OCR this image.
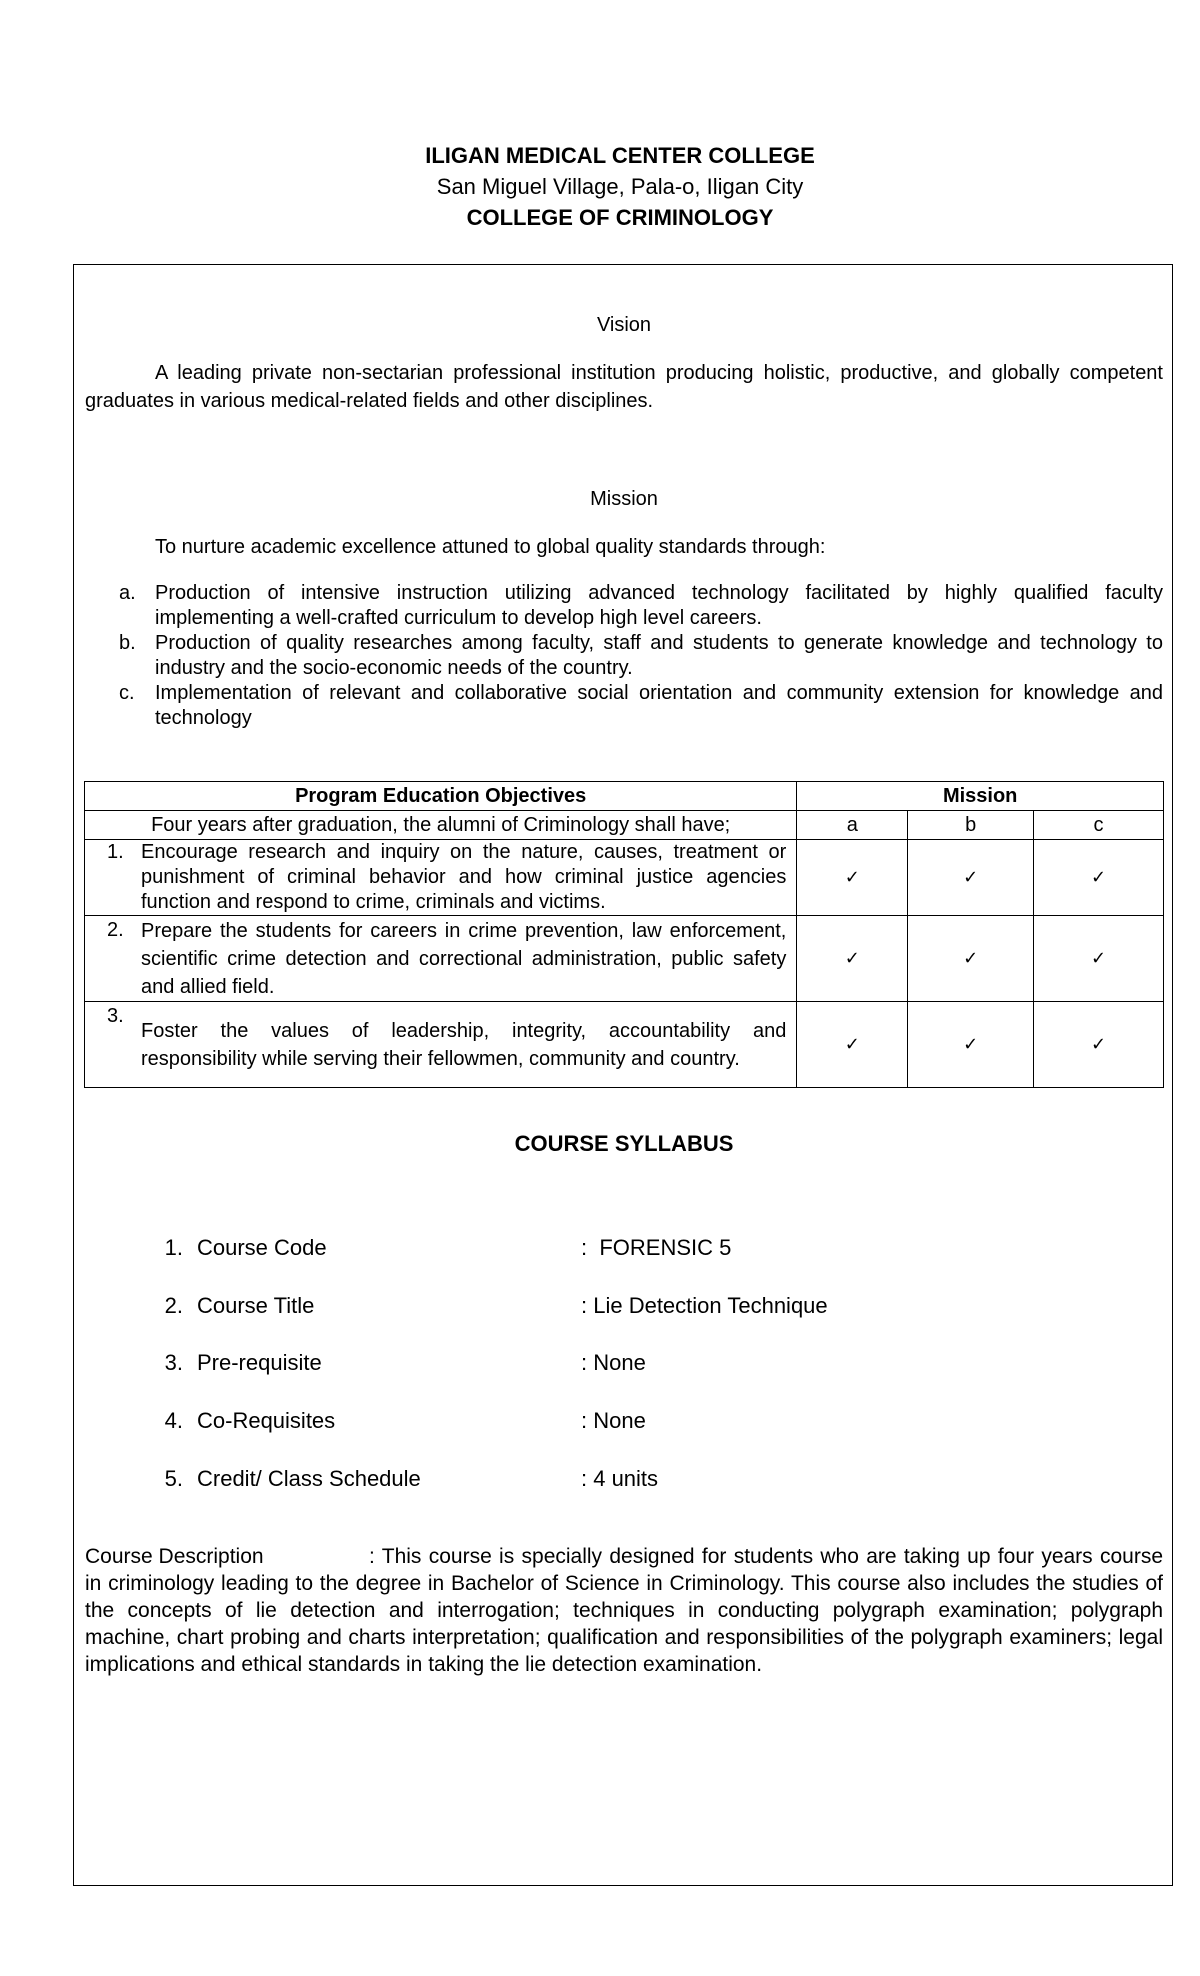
ILIGAN MEDICAL CENTER COLLEGE
San Miguel Village, Pala-o, Iligan City
COLLEGE OF CRIMINOLOGY
Vision
A leading private non-sectarian professional institution producing holistic, productive, and globally competent graduates in various medical-related fields and other disciplines.
Mission
To nurture academic excellence attuned to global quality standards through:
a. Production of intensive instruction utilizing advanced technology facilitated by highly qualified faculty implementing a well-crafted curriculum to develop high level careers.
b. Production of quality researches among faculty, staff and students to generate knowledge and technology to industry and the socio-economic needs of the country.
c. Implementation of relevant and collaborative social orientation and community extension for knowledge and technology
Program Education Objectives	Mission		
Four years after graduation, the alumni of Criminology shall have;	a	b	c

1. Encourage research and inquiry on the nature, causes, treatment or punishment of criminal behavior and how criminal justice agencies function and respond to crime, criminals and victims.	✓	✓	✓

2. Prepare the students for careers in crime prevention, law enforcement, scientific crime detection and correctional administration, public safety and allied field.	✓	✓	✓

3.
Foster the values of leadership, integrity, accountability and responsibility while serving their fellowmen, community and country.	✓	✓	✓
COURSE SYLLABUS
1. Course Code	:  FORENSIC 5
2. Course Title	: Lie Detection Technique
3. Pre-requisite	: None
4. Co-Requisites	: None
5. Credit/ Class Schedule	: 4 units
Course Description	: This course is specially designed for students who are taking up four years course in criminology leading to the degree in Bachelor of Science in Criminology. This course also includes the studies of the concepts of lie detection and interrogation; techniques in conducting polygraph examination; polygraph machine, chart probing and charts interpretation; qualification and responsibilities of the polygraph examiners; legal implications and ethical standards in taking the lie detection examination.
